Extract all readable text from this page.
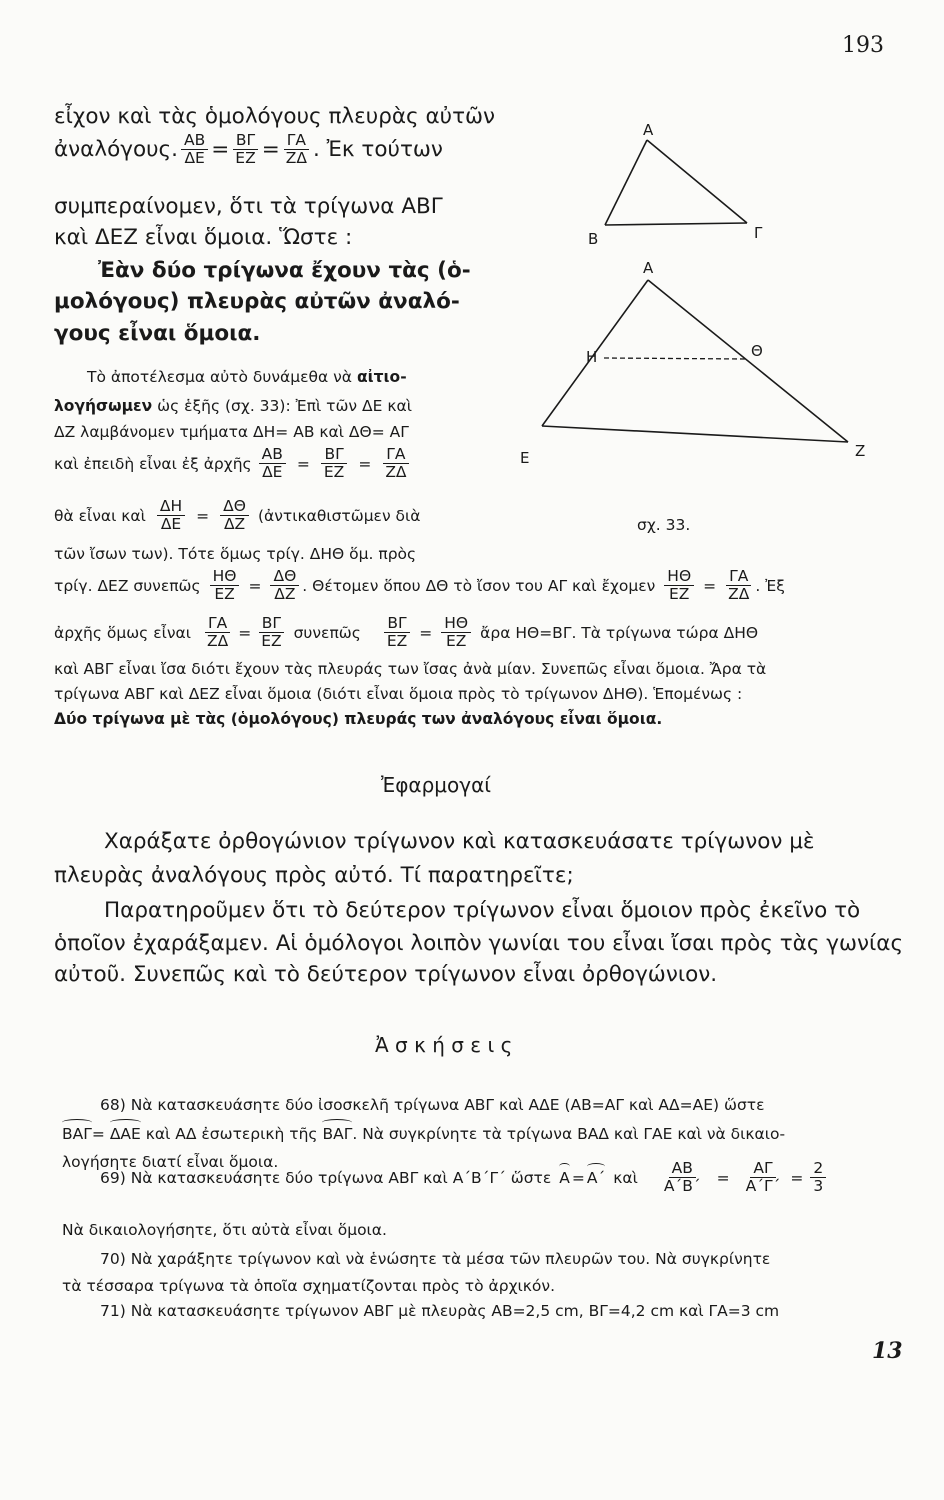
193
Α
Β	Γ
Α
Η	Θ
Ε	Ζ
εἶχον καὶ τὰς ὁμολόγους πλευρὰς αὐτῶν
ἀναλόγους. $\frac{AB}{\Delta E} = \frac{B\Gamma}{EZ} = \frac{\Gamma A}{Z\Delta}$ . Ἐκ τούτων
συμπεραίνομεν, ὅτι τὰ τρίγωνα ΑΒΓ
καὶ ΔΕΖ εἶναι ὅμοια. Ὥστε :
Ἐὰν δύο τρίγωνα ἔχουν τὰς (ὁ-
μολόγους) πλευρὰς αὐτῶν ἀναλό-
γους εἶναι ὅμοια.
Τὸ ἀποτέλεσμα αὐτὸ δυνάμεθα νὰ αἰτιο-
λογήσωμεν ὡς ἑξῆς (σχ. 33): Ἐπὶ τῶν ΔΕ καὶ
ΔΖ λαμβάνομεν τμήματα ΔΗ= ΑΒ καὶ ΔΘ= ΑΓ
καὶ ἐπειδὴ εἶναι ἐξ ἀρχῆς $\frac{AB}{\Delta E} = \frac{B\Gamma}{EZ} = \frac{\Gamma A}{Z\Delta}$
θὰ εἶναι καὶ $\frac{\Delta H}{\Delta E} = \frac{\Delta\Theta}{\Delta Z}$ (ἀντικαθιστῶμεν διὰ
σχ. 33.
τῶν ἴσων των). Τότε ὅμως τρίγ. ΔΗΘ ὅμ. πρὸς
τρίγ. ΔΕΖ συνεπῶς $\frac{H\Theta}{EZ} = \frac{\Delta\Theta}{\Delta Z}$ . Θέτομεν ὅπου ΔΘ τὸ ἴσον του ΑΓ καὶ ἔχομεν $\frac{H\Theta}{EZ} = \frac{\Gamma A}{Z\Delta}$ . Ἐξ
ἀρχῆς ὅμως εἶναι $\frac{\Gamma A}{Z\Delta} = \frac{B\Gamma}{EZ}$ συνεπῶς $\frac{B\Gamma}{EZ} = \frac{H\Theta}{EZ}$ ἄρα ΗΘ=ΒΓ. Τὰ τρίγωνα τώρα ΔΗΘ
καὶ ΑΒΓ εἶναι ἴσα διότι ἔχουν τὰς πλευράς των ἴσας ἀνὰ μίαν. Συνεπῶς εἶναι ὅμοια. Ἄρα τὰ
τρίγωνα ΑΒΓ καὶ ΔΕΖ εἶναι ὅμοια (διότι εἶναι ὅμοια πρὸς τὸ τρίγωνον ΔΗΘ). Ἑπομένως :
Δύο τρίγωνα μὲ τὰς (ὁμολόγους) πλευράς των ἀναλόγους εἶναι ὅμοια.
Ἐφαρμογαί
Χαράξατε ὀρθογώνιον τρίγωνον καὶ κατασκευάσατε τρίγωνον μὲ
πλευρὰς ἀναλόγους πρὸς αὐτό. Τί παρατηρεῖτε;
Παρατηροῦμεν ὅτι τὸ δεύτερον τρίγωνον εἶναι ὅμοιον πρὸς ἐκεῖνο τὸ
ὁποῖον ἐχαράξαμεν. Αἱ ὁμόλογοι λοιπὸν γωνίαι του εἶναι ἴσαι πρὸς τὰς γωνίας
αὐτοῦ. Συνεπῶς καὶ τὸ δεύτερον τρίγωνον εἶναι ὀρθογώνιον.
Ἀ σ κ ή σ ε ι ς
68) Νὰ κατασκευάσητε δύο ἰσοσκελῆ τρίγωνα ΑΒΓ καὶ ΑΔΕ (ΑΒ=ΑΓ καὶ ΑΔ=ΑΕ) ὥστε
ΒΑΓ= ΔΑΕ καὶ ΑΔ ἐσωτερικὴ τῆς ΒΑΓ. Νὰ συγκρίνητε τὰ τρίγωνα ΒΑΔ καὶ ΓΑΕ καὶ νὰ δικαιο-
λογήσητε διατί εἶναι ὅμοια.
69) Νὰ κατασκευάσητε δύο τρίγωνα ΑΒΓ καὶ Α΄Β΄Γ΄ ὥστε Α = Α΄ καὶ $\frac{AB}{A΄B΄} = \frac{A\Gamma}{A΄\Gamma΄} = \frac{2}{3}$
Νὰ δικαιολογήσητε, ὅτι αὐτὰ εἶναι ὅμοια.
70) Νὰ χαράξητε τρίγωνον καὶ νὰ ἑνώσητε τὰ μέσα τῶν πλευρῶν του. Νὰ συγκρίνητε
τὰ τέσσαρα τρίγωνα τὰ ὁποῖα σχηματίζονται πρὸς τὸ ἀρχικόν.
71) Νὰ κατασκευάσητε τρίγωνον ΑΒΓ μὲ πλευρὰς ΑΒ=2,5 cm, ΒΓ=4,2 cm καὶ ΓΑ=3 cm
13
